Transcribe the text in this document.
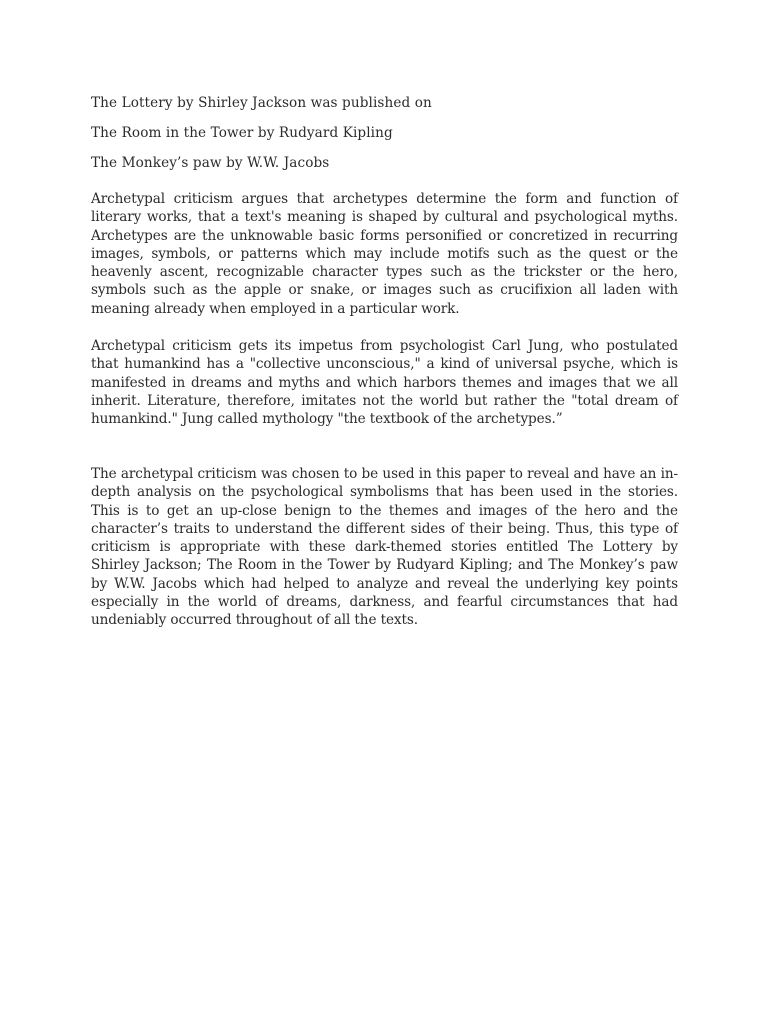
The Lottery by Shirley Jackson was published on

The Room in the Tower by Rudyard Kipling

The Monkey’s paw by W.W. Jacobs

Archetypal criticism argues that archetypes determine the form and function of literary works, that a text's meaning is shaped by cultural and psychological myths. Archetypes are the unknowable basic forms personified or concretized in recurring images, symbols, or patterns which may include motifs such as the quest or the heavenly ascent, recognizable character types such as the trickster or the hero, symbols such as the apple or snake, or images such as crucifixion all laden with meaning already when employed in a particular work.

Archetypal criticism gets its impetus from psychologist Carl Jung, who postulated that humankind has a "collective unconscious," a kind of universal psyche, which is manifested in dreams and myths and which harbors themes and images that we all inherit. Literature, therefore, imitates not the world but rather the "total dream of humankind." Jung called mythology "the textbook of the archetypes.”

The archetypal criticism was chosen to be used in this paper to reveal and have an in-depth analysis on the psychological symbolisms that has been used in the stories. This is to get an up-close benign to the themes and images of the hero and the character’s traits to understand the different sides of their being. Thus, this type of criticism is appropriate with these dark-themed stories entitled The Lottery by Shirley Jackson; The Room in the Tower by Rudyard Kipling; and The Monkey’s paw by W.W. Jacobs which had helped to analyze and reveal the underlying key points especially in the world of dreams, darkness, and fearful circumstances that had undeniably occurred throughout of all the texts.
